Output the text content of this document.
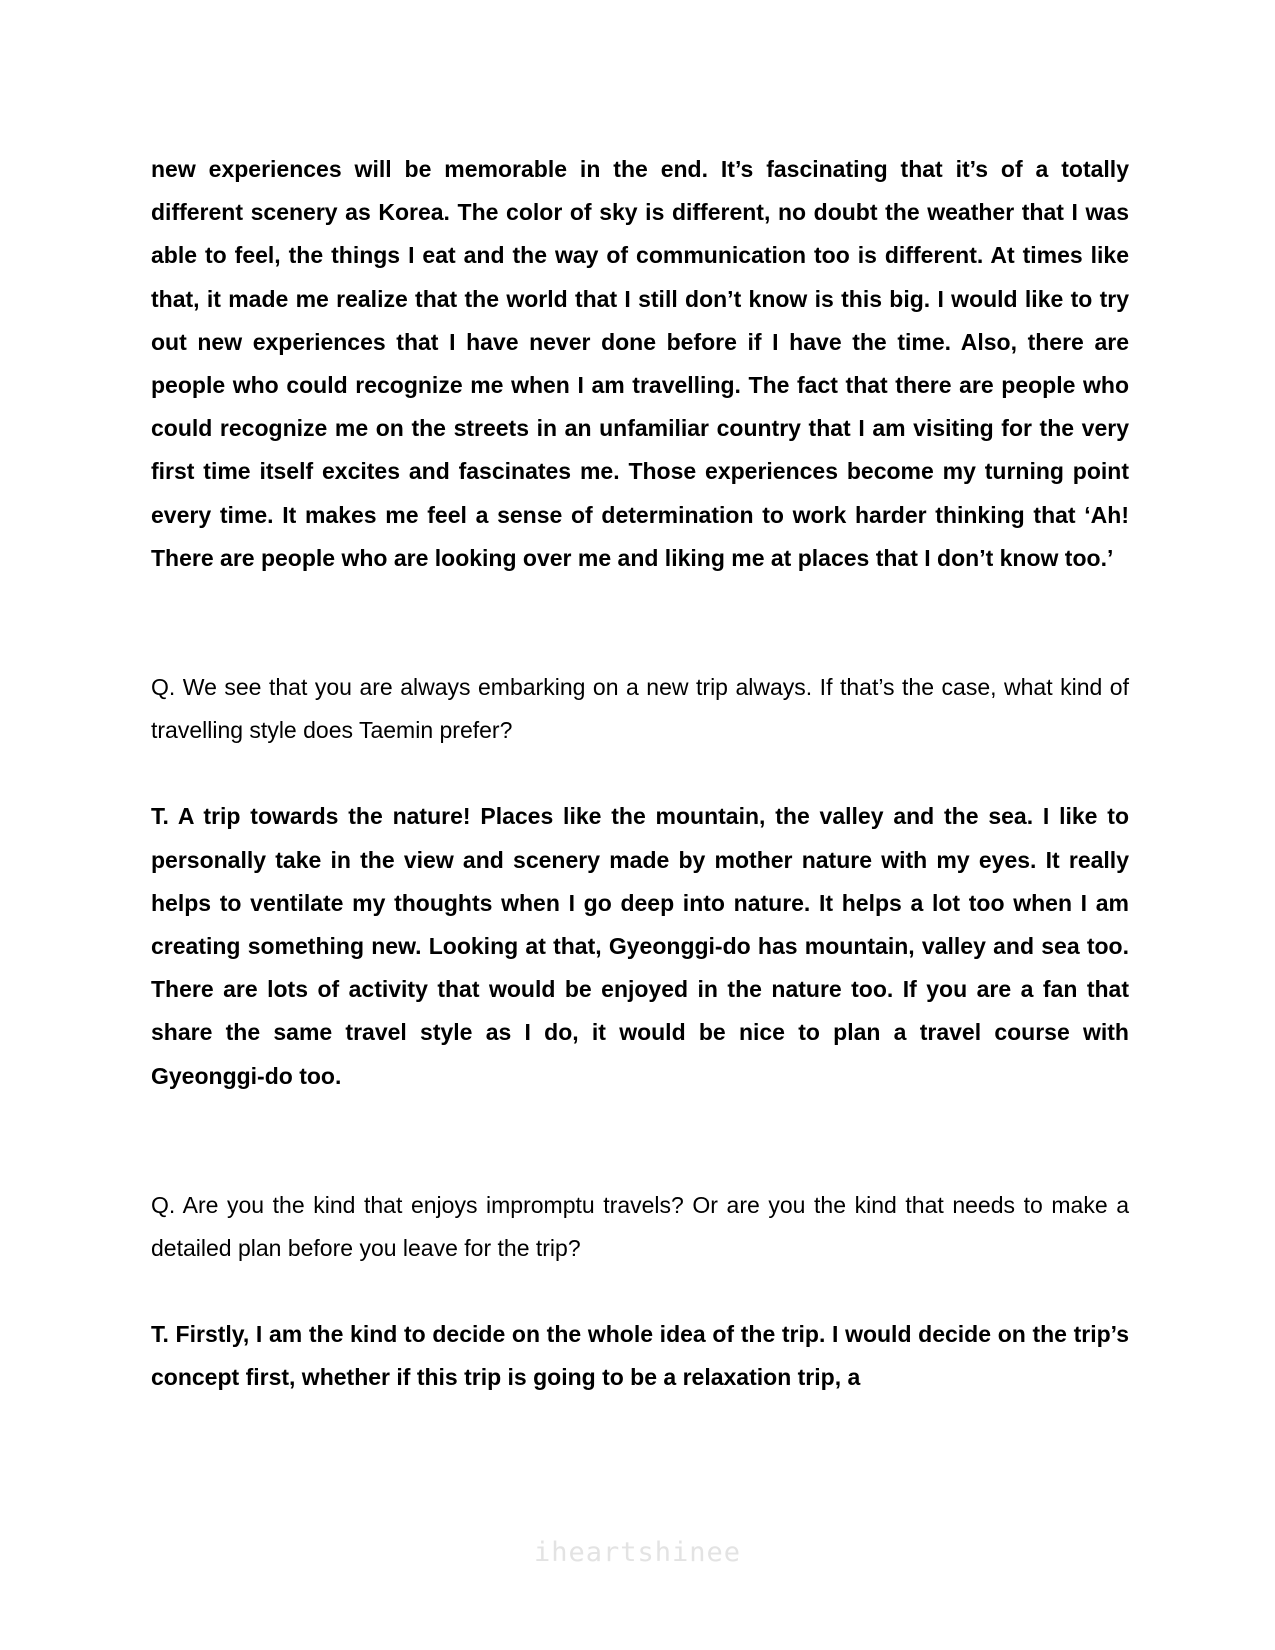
new experiences will be memorable in the end. It’s fascinating that it’s of a totally different scenery as Korea. The color of sky is different, no doubt the weather that I was able to feel, the things I eat and the way of communication too is different. At times like that, it made me realize that the world that I still don’t know is this big. I would like to try out new experiences that I have never done before if I have the time. Also, there are people who could recognize me when I am travelling. The fact that there are people who could recognize me on the streets in an unfamiliar country that I am visiting for the very first time itself excites and fascinates me. Those experiences become my turning point every time. It makes me feel a sense of determination to work harder thinking that ‘Ah! There are people who are looking over me and liking me at places that I don’t know too.’

Q. We see that you are always embarking on a new trip always. If that’s the case, what kind of travelling style does Taemin prefer?

T. A trip towards the nature! Places like the mountain, the valley and the sea. I like to personally take in the view and scenery made by mother nature with my eyes. It really helps to ventilate my thoughts when I go deep into nature. It helps a lot too when I am creating something new. Looking at that, Gyeonggi-do has mountain, valley and sea too. There are lots of activity that would be enjoyed in the nature too. If you are a fan that share the same travel style as I do, it would be nice to plan a travel course with Gyeonggi-do too.

Q. Are you the kind that enjoys impromptu travels? Or are you the kind that needs to make a detailed plan before you leave for the trip?

T. Firstly, I am the kind to decide on the whole idea of the trip. I would decide on the trip’s concept first, whether if this trip is going to be a relaxation trip, a

iheartshinee
